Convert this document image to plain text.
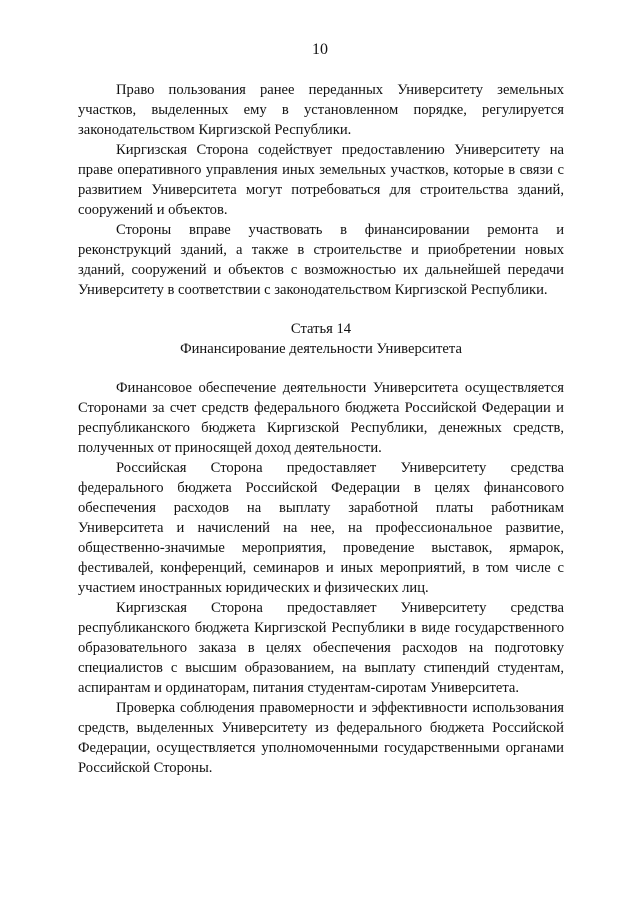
10

Право пользования ранее переданных Университету земельных участков, выделенных ему в установленном порядке, регулируется законодательством Киргизской Республики.

Киргизская Сторона содействует предоставлению Университету на праве оперативного управления иных земельных участков, которые в связи с развитием Университета могут потребоваться для строительства зданий, сооружений и объектов.

Стороны вправе участвовать в финансировании ремонта и реконструкций зданий, а также в строительстве и приобретении новых зданий, сооружений и объектов с возможностью их дальнейшей передачи Университету в соответствии с законодательством Киргизской Республики.

Статья 14
Финансирование деятельности Университета

Финансовое обеспечение деятельности Университета осуществляется Сторонами за счет средств федерального бюджета Российской Федерации и республиканского бюджета Киргизской Республики, денежных средств, полученных от приносящей доход деятельности.

Российская Сторона предоставляет Университету средства федерального бюджета Российской Федерации в целях финансового обеспечения расходов на выплату заработной платы работникам Университета и начислений на нее, на профессиональное развитие, общественно-значимые мероприятия, проведение выставок, ярмарок, фестивалей, конференций, семинаров и иных мероприятий, в том числе с участием иностранных юридических и физических лиц.

Киргизская Сторона предоставляет Университету средства республиканского бюджета Киргизской Республики в виде государственного образовательного заказа в целях обеспечения расходов на подготовку специалистов с высшим образованием, на выплату стипендий студентам, аспирантам и ординаторам, питания студентам-сиротам Университета.

Проверка соблюдения правомерности и эффективности использования средств, выделенных Университету из федерального бюджета Российской Федерации, осуществляется уполномоченными государственными органами Российской Стороны.
